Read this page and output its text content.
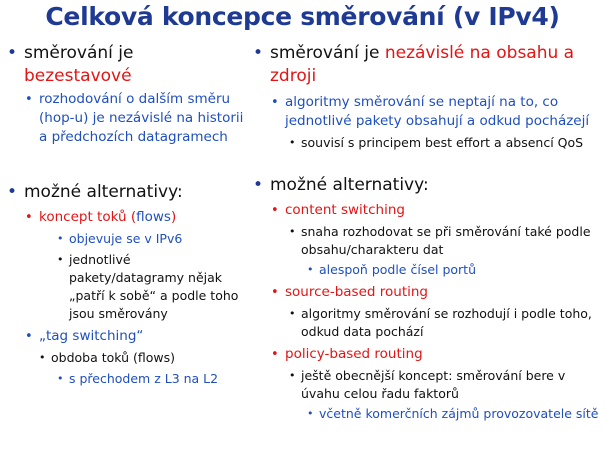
Celková koncepce směrování (v IPv4)
• směrování je bezestavové
• rozhodování o dalším směru (hop-u) je nezávislé na historii a předchozích datagramech
• možné alternativy:
• koncept toků (flows)
• objevuje se v IPv6
• jednotlivé pakety/datagramy nějak „patří k sobě“ a podle toho jsou směrovány
• „tag switching“
• obdoba toků (flows)
• s přechodem z L3 na L2
• směrování je nezávislé na obsahu a zdroji
• algoritmy směrování se neptají na to, co jednotlivé pakety obsahují a odkud pocházejí
• souvisí s principem best effort a absencí QoS
• možné alternativy:
• content switching
• snaha rozhodovat se při směrování také podle obsahu/charakteru dat
• alespoň podle čísel portů
• source-based routing
• algoritmy směrování se rozhodují i podle toho, odkud data pochází
• policy-based routing
• ještě obecnější koncept: směrování bere v úvahu celou řadu faktorů
• včetně komerčních zájmů provozovatele sítě
